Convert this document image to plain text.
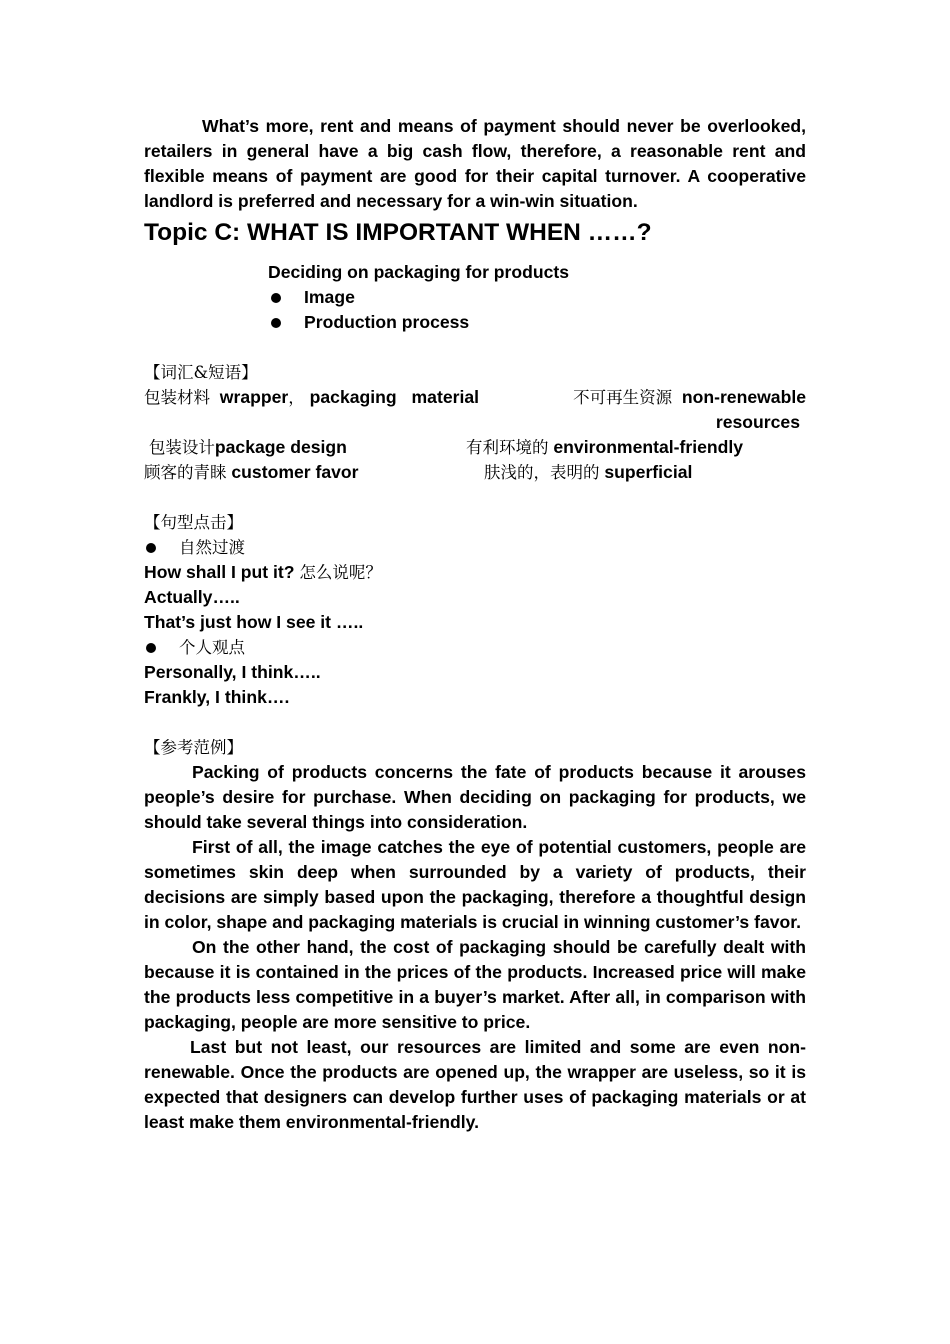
What’s more, rent and means of payment should never be overlooked, retailers in general have a big cash flow, therefore, a reasonable rent and flexible means of payment are good for their capital turnover. A cooperative landlord is preferred and necessary for a win-win situation.

Topic C: WHAT IS IMPORTANT WHEN ……?
Deciding on packaging for products
Image
Production process
【词汇&短语】
包装材料 wrapper， packaging material	不可再生资源 non-renewable
resources
包装设计package design	有利环境的 environmental-friendly
顾客的青睐 customer favor	肤浅的，表明的 superficial
【句型点击】
自然过渡
How shall I put it? 怎么说呢？
Actually…..
That’s just how I see it …..
个人观点
Personally, I think…..
Frankly, I think….
【参考范例】

Packing of products concerns the fate of products because it arouses people’s desire for purchase. When deciding on packaging for products, we should take several things into consideration.

First of all, the image catches the eye of potential customers, people are sometimes skin deep when surrounded by a variety of products, their decisions are simply based upon the packaging, therefore a thoughtful design in color, shape and packaging materials is crucial in winning customer’s favor.

On the other hand, the cost of packaging should be carefully dealt with because it is contained in the prices of the products. Increased price will make the products less competitive in a buyer’s market. After all, in comparison with packaging, people are more sensitive to price.

Last but not least, our resources are limited and some are even non-renewable. Once the products are opened up, the wrapper are useless, so it is expected that designers can develop further uses of packaging materials or at least make them environmental-friendly.
